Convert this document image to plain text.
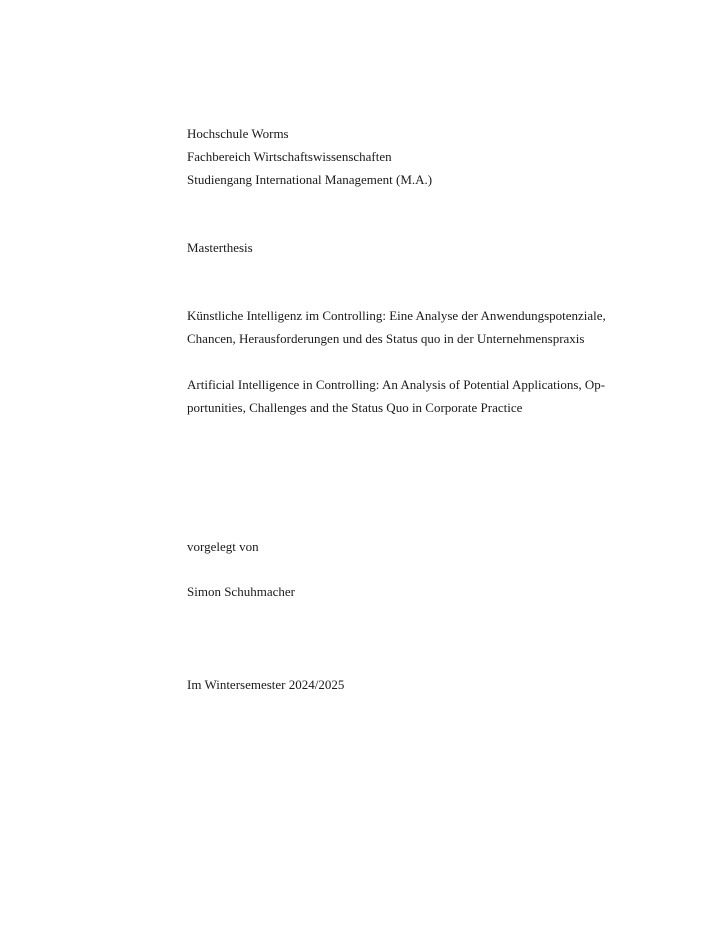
Hochschule Worms
Fachbereich Wirtschaftswissenschaften
Studiengang International Management (M.A.)
Masterthesis
Künstliche Intelligenz im Controlling: Eine Analyse der Anwendungspotenziale,
Chancen, Herausforderungen und des Status quo in der Unternehmenspraxis
Artificial Intelligence in Controlling: An Analysis of Potential Applications, Op-
portunities, Challenges and the Status Quo in Corporate Practice
vorgelegt von
Simon Schuhmacher
Im Wintersemester 2024/2025
